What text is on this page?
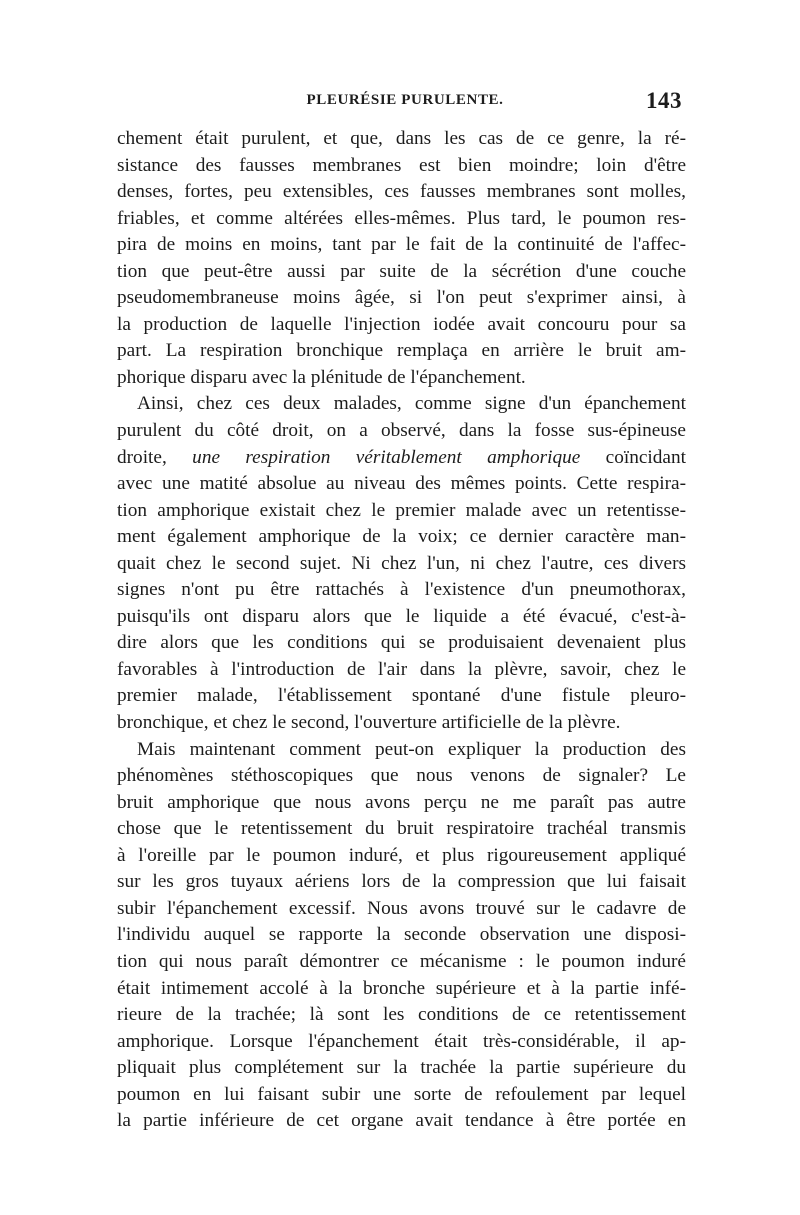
PLEURÉSIE PURULENTE.	143
chement était purulent, et que, dans les cas de ce genre, la ré-
sistance des fausses membranes est bien moindre; loin d'être
denses, fortes, peu extensibles, ces fausses membranes sont molles,
friables, et comme altérées elles-mêmes. Plus tard, le poumon res-
pira de moins en moins, tant par le fait de la continuité de l'affec-
tion que peut-être aussi par suite de la sécrétion d'une couche
pseudomembraneuse moins âgée, si l'on peut s'exprimer ainsi, à
la production de laquelle l'injection iodée avait concouru pour sa
part. La respiration bronchique remplaça en arrière le bruit am-
phorique disparu avec la plénitude de l'épanchement.
Ainsi, chez ces deux malades, comme signe d'un épanchement
purulent du côté droit, on a observé, dans la fosse sus-épineuse
droite, une respiration véritablement amphorique coïncidant
avec une matité absolue au niveau des mêmes points. Cette respira-
tion amphorique existait chez le premier malade avec un retentisse-
ment également amphorique de la voix; ce dernier caractère man-
quait chez le second sujet. Ni chez l'un, ni chez l'autre, ces divers
signes n'ont pu être rattachés à l'existence d'un pneumothorax,
puisqu'ils ont disparu alors que le liquide a été évacué, c'est-à-
dire alors que les conditions qui se produisaient devenaient plus
favorables à l'introduction de l'air dans la plèvre, savoir, chez le
premier malade, l'établissement spontané d'une fistule pleuro-
bronchique, et chez le second, l'ouverture artificielle de la plèvre.
Mais maintenant comment peut-on expliquer la production des
phénomènes stéthoscopiques que nous venons de signaler? Le
bruit amphorique que nous avons perçu ne me paraît pas autre
chose que le retentissement du bruit respiratoire trachéal transmis
à l'oreille par le poumon induré, et plus rigoureusement appliqué
sur les gros tuyaux aériens lors de la compression que lui faisait
subir l'épanchement excessif. Nous avons trouvé sur le cadavre de
l'individu auquel se rapporte la seconde observation une disposi-
tion qui nous paraît démontrer ce mécanisme : le poumon induré
était intimement accolé à la bronche supérieure et à la partie infé-
rieure de la trachée; là sont les conditions de ce retentissement
amphorique. Lorsque l'épanchement était très-considérable, il ap-
pliquait plus complétement sur la trachée la partie supérieure du
poumon en lui faisant subir une sorte de refoulement par lequel
la partie inférieure de cet organe avait tendance à être portée en
